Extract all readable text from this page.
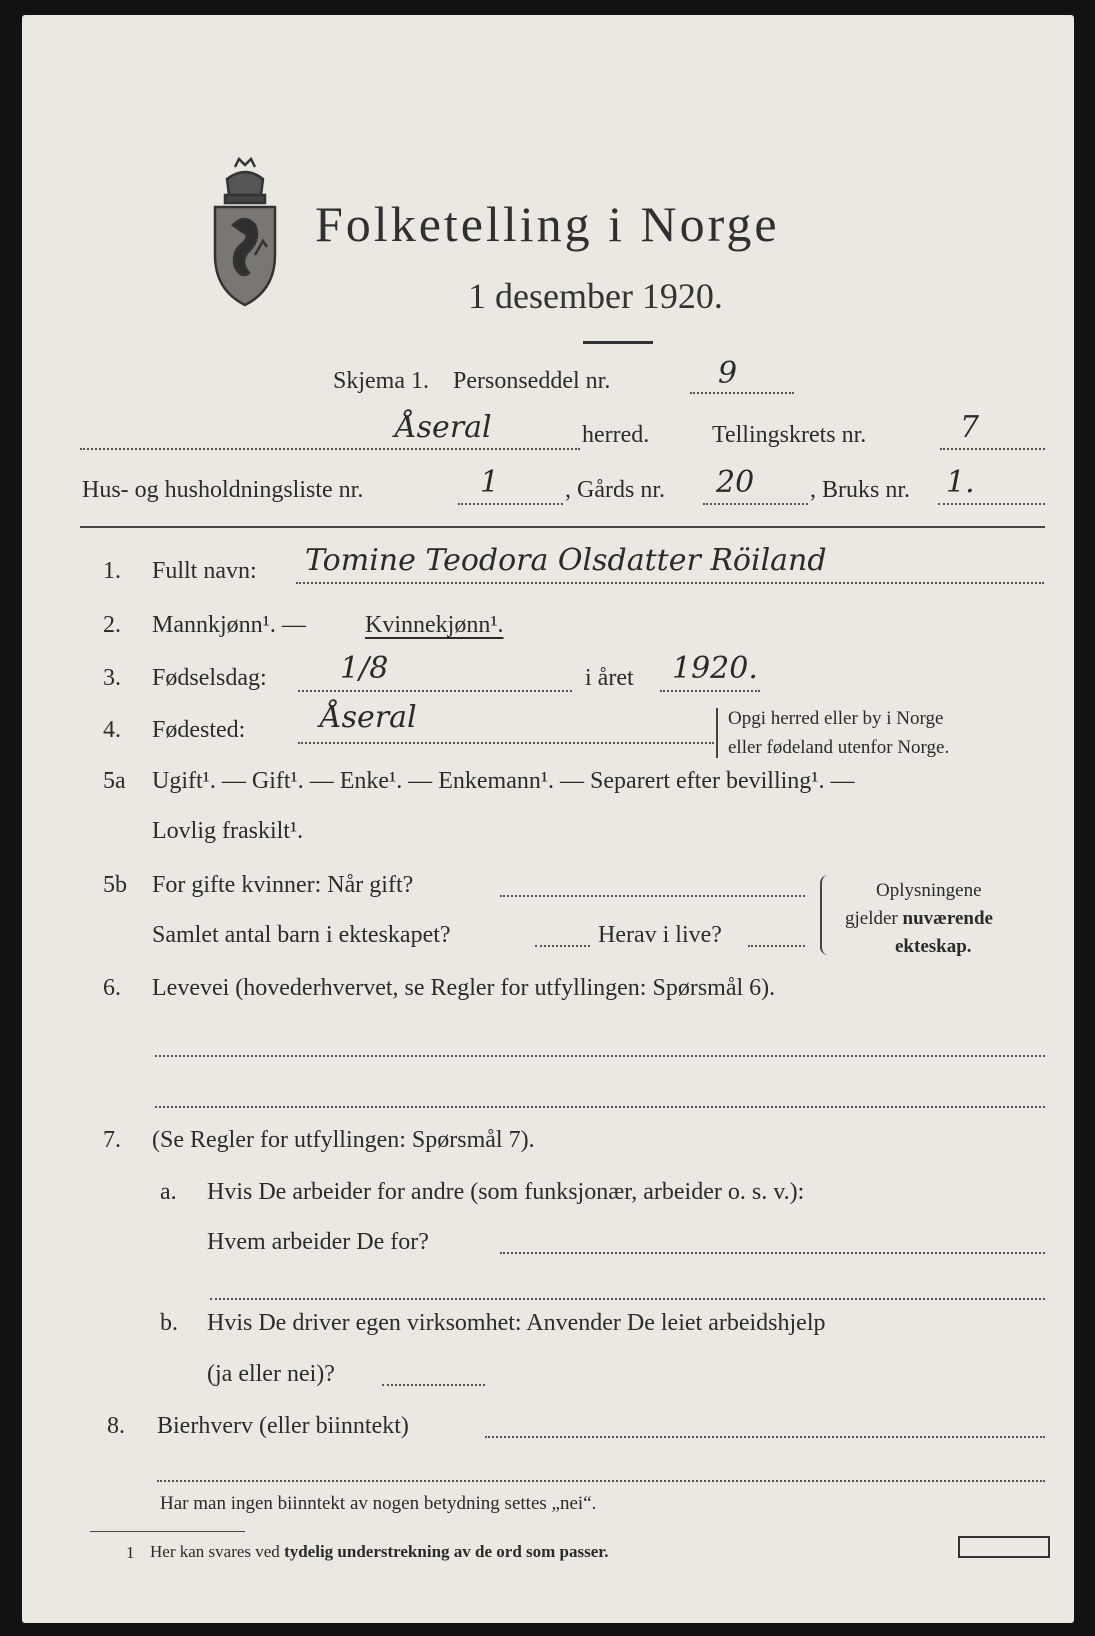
Folketelling i Norge
1 desember 1920.
Skjema 1. Personseddel nr.	9
Åseral	herred.	Tellingskrets nr.	7
Hus- og husholdningsliste nr.	1	, Gårds nr. 20 , Bruks nr. 1.
1. Fullt navn: Tomine Teodora Olsdatter Röiland
2. Mannkjønn¹. — Kvinnekjønn¹.
3. Fødselsdag: 1/8	i året 1920.
4. Fødested: Åseral	Opgi herred eller by i Norge
eller fødeland utenfor Norge.
5a Ugift¹. — Gift¹. — Enke¹. — Enkemann¹. — Separert efter bevilling¹. —
Lovlig fraskilt¹.
5b For gifte kvinner: Når gift?
Samlet antal barn i ekteskapet?	Herav i live?
Oplysningene
gjelder nuværende
ekteskap.
6. Levevei (hovederhvervet, se Regler for utfyllingen: Spørsmål 6).
7. (Se Regler for utfyllingen: Spørsmål 7).
a. Hvis De arbeider for andre (som funksjonær, arbeider o. s. v.):
Hvem arbeider De for?
b. Hvis De driver egen virksomhet: Anvender De leiet arbeidshjelp
(ja eller nei)?
8. Bierhverv (eller biinntekt)
Har man ingen biinntekt av nogen betydning settes „nei“.
1 Her kan svares ved tydelig understrekning av de ord som passer.
